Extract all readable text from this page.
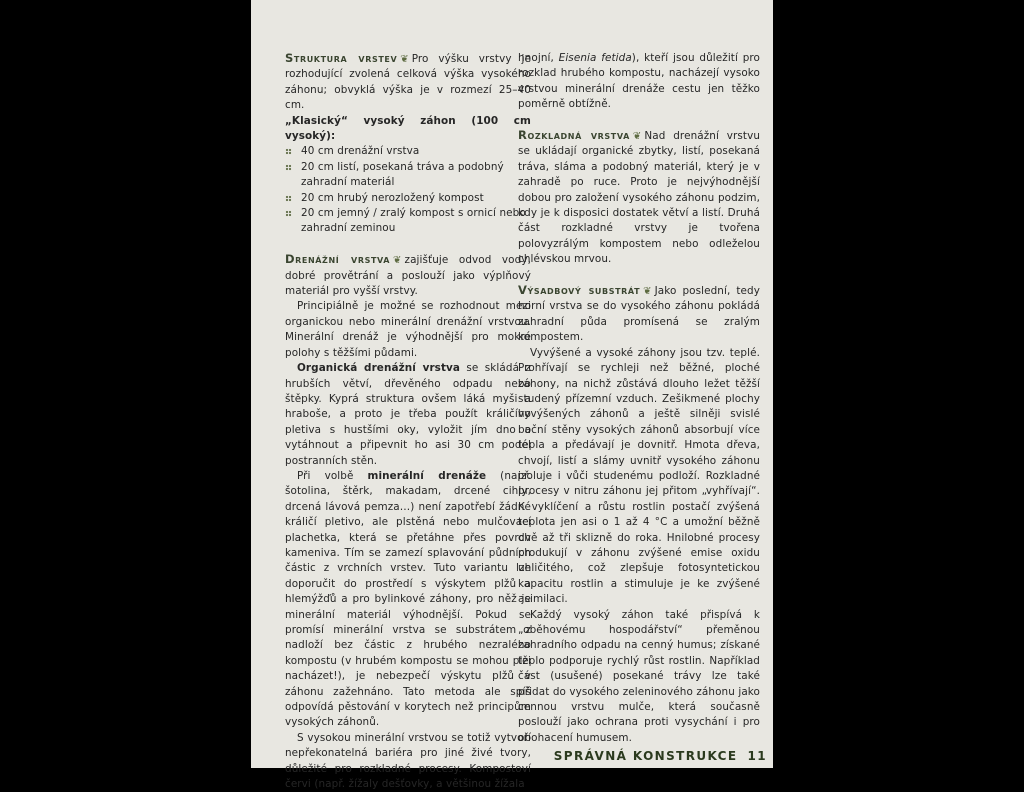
Struktura vrstev ❦ Pro výšku vrstvy je rozhodující zvolená celková výška vysokého záhonu; obvyklá výška je v rozmezí 25–40 cm.

„Klasický“ vysoký záhon (100 cm vysoký):

40 cm drenážní vrstva
20 cm listí, posekaná tráva a podobný zahradní materiál
20 cm hrubý nerozložený kompost
20 cm jemný / zralý kompost s ornicí nebo zahradní zeminou

Drenážní vrstva ❦ zajišťuje odvod vody, dobré provětrání a poslouží jako výplňový materiál pro vyšší vrstvy.

Principiálně je možné se rozhodnout mezi organickou nebo minerální drenážní vrstvou. Minerální drenáž je výhodnější pro mokré polohy s těžšími půdami.

Organická drenážní vrstva se skládá z hrubších větví, dřevěného odpadu nebo štěpky. Kyprá struktura ovšem láká myši a hraboše, a proto je třeba použít králičího pletiva s hustšími oky, vyložit jím dno a vytáhnout a připevnit ho asi 30 cm podél postranních stěn.

Při volbě minerální drenáže (např. šotolina, štěrk, makadam, drcené cihly, drcená lávová pemza…) není zapotřebí žádné králičí pletivo, ale plstěná nebo mulčovací plachetka, která se přetáhne přes povrch kameniva. Tím se zamezí splavování půdních částic z vrchních vrstev. Tuto variantu lze doporučit do prostředí s výskytem plžů a hlemýžďů a pro bylinkové záhony, pro něž je minerální materiál výhodnější. Pokud se promísí minerální vrstva se substrátem z nadloží bez částic z hrubého nezralého kompostu (v hrubém kompostu se mohou plži nacházet!), je nebezpečí výskytu plžů v záhonu zažehnáno. Tato metoda ale spíš odpovídá pěstování v korytech než principům vysokých záhonů.

S vysokou minerální vrstvou se totiž vytvoří nepřekonatelná bariéra pro jiné živé tvory, důležité pro rozkladné procesy. Kompostoví červi (např. žížaly dešťovky, a většinou žížala

hnojní, Eisenia fetida), kteří jsou důležití pro rozklad hrubého kompostu, nacházejí vysoko vrstvou minerální drenáže cestu jen těžko poměrně obtížně.

Rozkladná vrstva ❦ Nad drenážní vrstvu se ukládají organické zbytky, listí, posekaná tráva, sláma a podobný materiál, který je v zahradě po ruce. Proto je nejvýhodnější dobou pro založení vysokého záhonu podzim, kdy je k disposici dostatek větví a listí. Druhá část rozkladné vrstvy je tvořena polovyzrálým kompostem nebo odleželou chlévskou mrvou.

Výsadbový substrát ❦ Jako poslední, tedy horní vrstva se do vysokého záhonu pokládá zahradní půda promísená se zralým kompostem.

Vyvýšené a vysoké záhony jsou tzv. teplé. Prohřívají se rychleji než běžné, ploché záhony, na nichž zůstává dlouho ležet těžší studený přízemní vzduch. Zešikmené plochy vyvýšených záhonů a ještě silněji svislé boční stěny vysokých záhonů absorbují více tepla a předávají je dovnitř. Hmota dřeva, chvojí, listí a slámy uvnitř vysokého záhonu izoluje i vůči studenému podloží. Rozkladné procesy v nitru záhonu jej přitom „vyhřívají“. K vyklíčení a růstu rostlin postačí zvýšená teplota jen asi o 1 až 4 °C a umožní běžně dvě až tři sklizně do roka. Hnilobné procesy produkují v záhonu zvýšené emise oxidu uhličitého, což zlepšuje fotosyntetickou kapacitu rostlin a stimuluje je ke zvýšené asimilaci.

Každý vysoký záhon také přispívá k „oběhovému hospodářství“ přeměnou zahradního odpadu na cenný humus; získané teplo podporuje rychlý růst rostlin. Například část (usušené) posekané trávy lze také přidat do vysokého zeleninového záhonu jako cennou vrstvu mulče, která současně poslouží jako ochrana proti vysychání i pro obohacení humusem.

SPRÁVNÁ KONSTRUKCE 11
